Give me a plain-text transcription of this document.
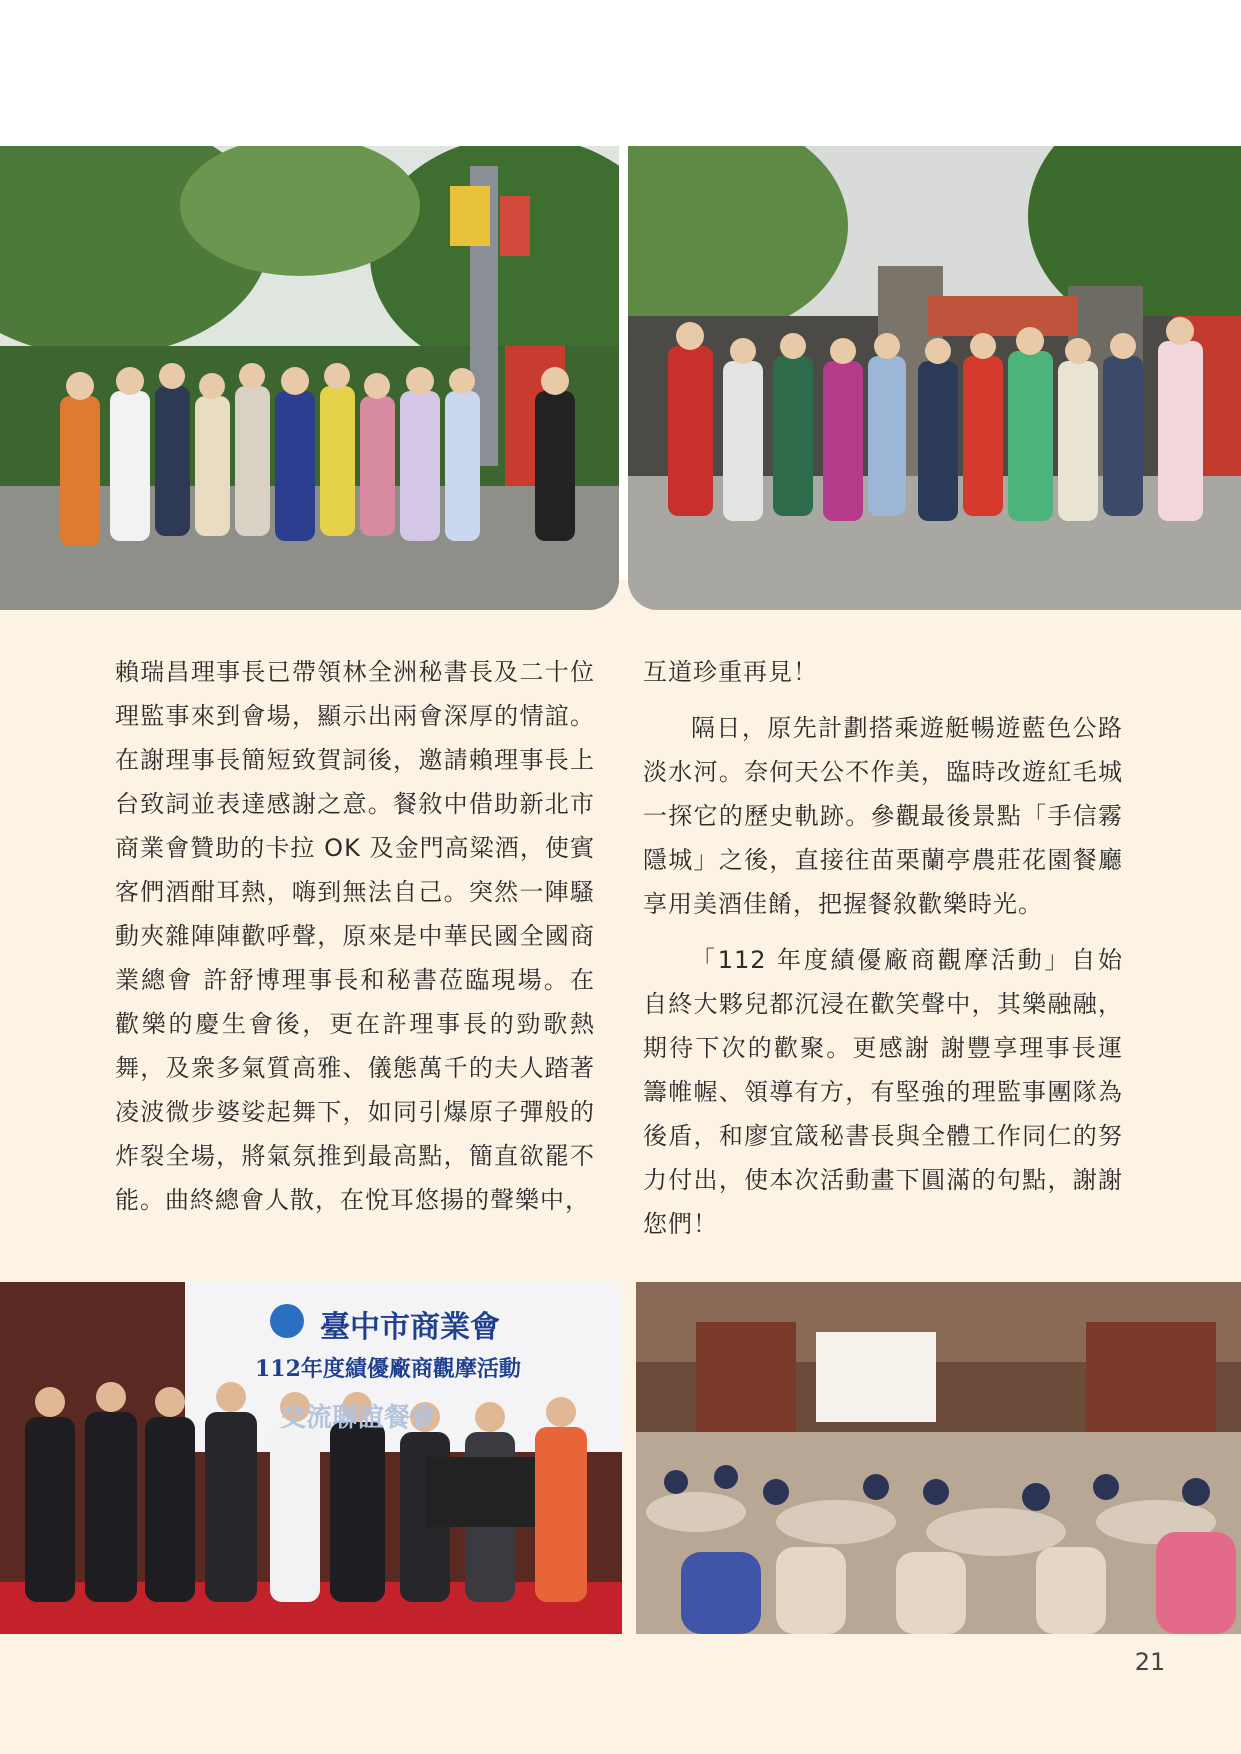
賴瑞昌理事長已帶領林全洲秘書長及二十位理監事來到會場，顯示出兩會深厚的情誼。在謝理事長簡短致賀詞後，邀請賴理事長上台致詞並表達感謝之意。餐敘中借助新北市商業會贊助的卡拉 OK 及金門高粱酒，使賓客們酒酣耳熱，嗨到無法自己。突然一陣騷動夾雜陣陣歡呼聲，原來是中華民國全國商業總會 許舒博理事長和秘書莅臨現場。在歡樂的慶生會後，更在許理事長的勁歌熱舞，及衆多氣質高雅、儀態萬千的夫人踏著凌波微步婆娑起舞下，如同引爆原子彈般的炸裂全場，將氣氛推到最高點，簡直欲罷不能。曲終總會人散，在悅耳悠揚的聲樂中，

互道珍重再見！

隔日，原先計劃搭乘遊艇暢遊藍色公路淡水河。奈何天公不作美，臨時改遊紅毛城一探它的歷史軌跡。參觀最後景點「手信霧隱城」之後，直接往苗栗蘭亭農莊花園餐廳享用美酒佳餚，把握餐敘歡樂時光。

「112 年度績優廠商觀摩活動」自始自終大夥兒都沉浸在歡笑聲中，其樂融融，期待下次的歡聚。更感謝 謝豐享理事長運籌帷幄、領導有方，有堅強的理監事團隊為後盾，和廖宜箴秘書長與全體工作同仁的努力付出，使本次活動畫下圓滿的句點，謝謝您們！

臺中市商業會
112年度績優廠商觀摩活動
交流聯誼餐會
21
